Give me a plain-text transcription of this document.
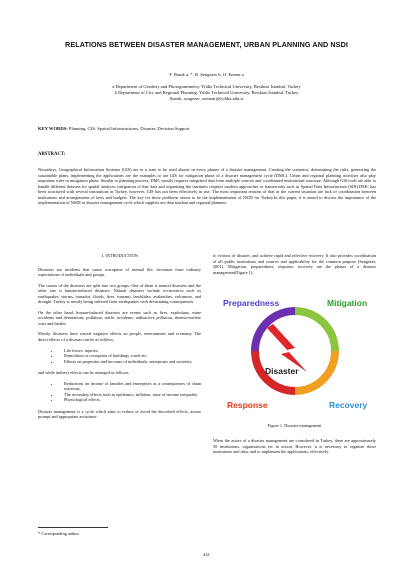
RELATIONS BETWEEN DISASTER MANAGEMENT, URBAN PLANNING AND NSDI
F. Batuk a, *, B. Şengezer b, O. Emem a
a Department of Geodesy and Photogrammetry, Yildiz Technical University, Besiktas Istanbul, Turkey
b Department of City and Regional Planning, Yildiz Technical University, Besiktas Istanbul, Turkey
(batuk, sengezer, oemem)@yildiz.edu.tr
KEY WORDS: Planning, GIS, Spatial Infrastructures, Disaster, Decision Support
ABSTRACT:
Nowadays, Geographical Information Systems (GIS) are in a state to be used almost in every phases of a disaster management. Creating the scenarios, determining the risks, generating the sustainable plans, implementing the applications are the examples to use GIS for mitigation phase of a disaster management cycle (DMC). Urban and regional planning activities also play important roles in mitigation phase. Similar to planning process, DMC mostly requires integrated data from multiple sources and coordinated institutional structure. Although GIS tools are able to handle different datasets for spatial analysis; integration of that data and organizing the institutes requires modern approaches or frameworks such as Spatial Data Infrastructure (SDI).DMC has been structured with several institutions in Turkey, however, GIS has not been effectively in use. The most important reasons of that in the current situation are lack of coordination between institutions and arrangements of laws and budgets. The key for those problems seems to be the implementation of NSDI for Turkey.In this paper, it is aimed to discuss the importance of the implementation of NSDI in disaster management cycle which supplies are data tourban and regional planners.
1. INTRODUCTION

Disasters are incidents that cause corruption of normal life, deviation from ordinary expectations of individuals and groups.

The causes of the disasters are split into two groups. One of them is natural disasters and the other one is human-induced disasters. Natural disasters include occurrences such as earthquakes, storms, tornados, floods, fires, tsunami, landslides, avalanches, volcanoes, and drought. Turkey is mostly being suffered from earthquakes with devastating consequences.

On the other hand, human-induced disasters are events such as fires, explosions, mine accidents and detonations, pollution, traffic accidents, radioactive pollution, thermo-nuclear wars and battles.

Mostly, disasters have crucial negative effects on people, environment and economy. The direct effects of a disaster can be as follows;

• Life losses, injuries,
• Demolition or corruption of buildings, roads etc,
• Effects on properties and incomes of individuals, enterprises and societies;

and while indirect effects can be arranged as follows;

• Reductions on income of families and enterprises as a consequences of chain reactions,
• The secondary effects such as epidemics, inflation, raise of income inequality
• Physiological effects.

Disaster management is a cycle which aims to reduce or avoid the described effects, assure prompt and appropriate assistance

to victims of disaster, and achieve rapid and effective recovery. It also provides coordination of all public institutions and sources and applicability for the common purpose (Sengezer, 2001). Mitigation, preparedness, response, recovery are the phases of a disaster management(Figure 1).

Preparedness	Mitigation
Disaster
Response	Recovery
Figure 1. Disaster management

When the actors of a disaster management are considered in Turkey, there are approximately 50 institutions, organizations etc in action. However, it is necessary to organize those institutions and data, and to implement the applications, effectively.

* Corresponding author.
441
